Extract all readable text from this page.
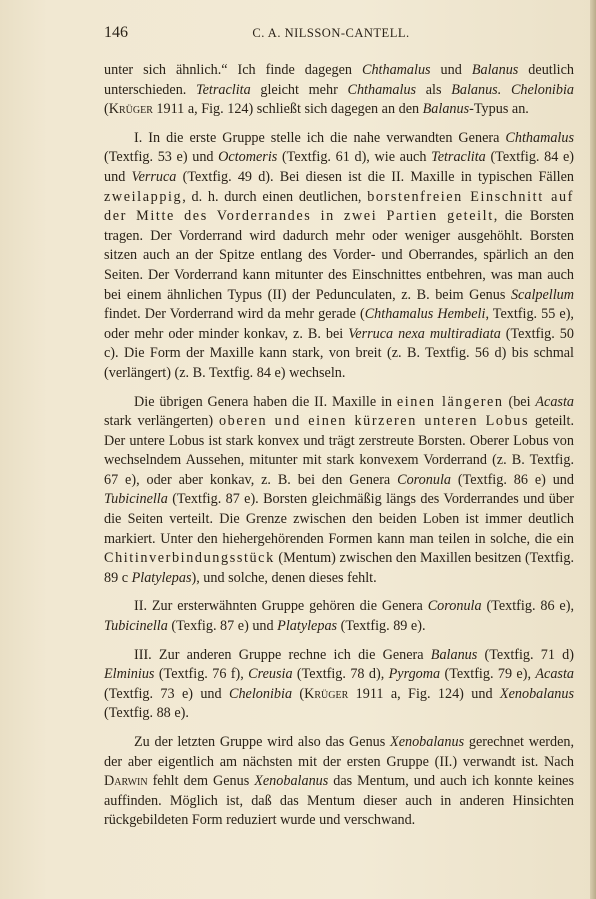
146	C. A. NILSSON-CANTELL.

unter sich ähnlich.“ Ich finde dagegen Chthamalus und Balanus deutlich unterschieden. Tetraclita gleicht mehr Chthamalus als Balanus. Chelonibia (Krüger 1911 a, Fig. 124) schließt sich dagegen an den Balanus-Typus an.

I. In die erste Gruppe stelle ich die nahe verwandten Genera Chthamalus (Textfig. 53 e) und Octomeris (Textfig. 61 d), wie auch Tetraclita (Textfig. 84 e) und Verruca (Textfig. 49 d). Bei diesen ist die II. Maxille in typischen Fällen zweilappig, d. h. durch einen deutlichen, borstenfreien Einschnitt auf der Mitte des Vorderrandes in zwei Partien geteilt, die Borsten tragen. Der Vorderrand wird dadurch mehr oder weniger ausgehöhlt. Borsten sitzen auch an der Spitze entlang des Vorder- und Oberrandes, spärlich an den Seiten. Der Vorderrand kann mitunter des Einschnittes entbehren, was man auch bei einem ähnlichen Typus (II) der Pedunculaten, z. B. beim Genus Scalpellum findet. Der Vorderrand wird da mehr gerade (Chthamalus Hembeli, Textfig. 55 e), oder mehr oder minder konkav, z. B. bei Verruca nexa multiradiata (Textfig. 50 c). Die Form der Maxille kann stark, von breit (z. B. Textfig. 56 d) bis schmal (verlängert) (z. B. Textfig. 84 e) wechseln.

Die übrigen Genera haben die II. Maxille in einen längeren (bei Acasta stark verlängerten) oberen und einen kürzeren unteren Lobus geteilt. Der untere Lobus ist stark konvex und trägt zerstreute Borsten. Oberer Lobus von wechselndem Aussehen, mitunter mit stark konvexem Vorderrand (z. B. Textfig. 67 e), oder aber konkav, z. B. bei den Genera Coronula (Textfig. 86 e) und Tubicinella (Textfig. 87 e). Borsten gleichmäßig längs des Vorderrandes und über die Seiten verteilt. Die Grenze zwischen den beiden Loben ist immer deutlich markiert. Unter den hiehergehörenden Formen kann man teilen in solche, die ein Chitinverbindungsstück (Mentum) zwischen den Maxillen besitzen (Textfig. 89 c Platylepas), und solche, denen dieses fehlt.

II. Zur ersterwähnten Gruppe gehören die Genera Coronula (Textfig. 86 e), Tubicinella (Texfig. 87 e) und Platylepas (Textfig. 89 e).

III. Zur anderen Gruppe rechne ich die Genera Balanus (Textfig. 71 d) Elminius (Textfig. 76 f), Creusia (Textfig. 78 d), Pyrgoma (Textfig. 79 e), Acasta (Textfig. 73 e) und Chelonibia (Krüger 1911 a, Fig. 124) und Xenobalanus (Textfig. 88 e).

Zu der letzten Gruppe wird also das Genus Xenobalanus gerechnet werden, der aber eigentlich am nächsten mit der ersten Gruppe (II.) verwandt ist. Nach Darwin fehlt dem Genus Xenobalanus das Mentum, und auch ich konnte keines auffinden. Möglich ist, daß das Mentum dieser auch in anderen Hinsichten rückgebildeten Form reduziert wurde und verschwand.
